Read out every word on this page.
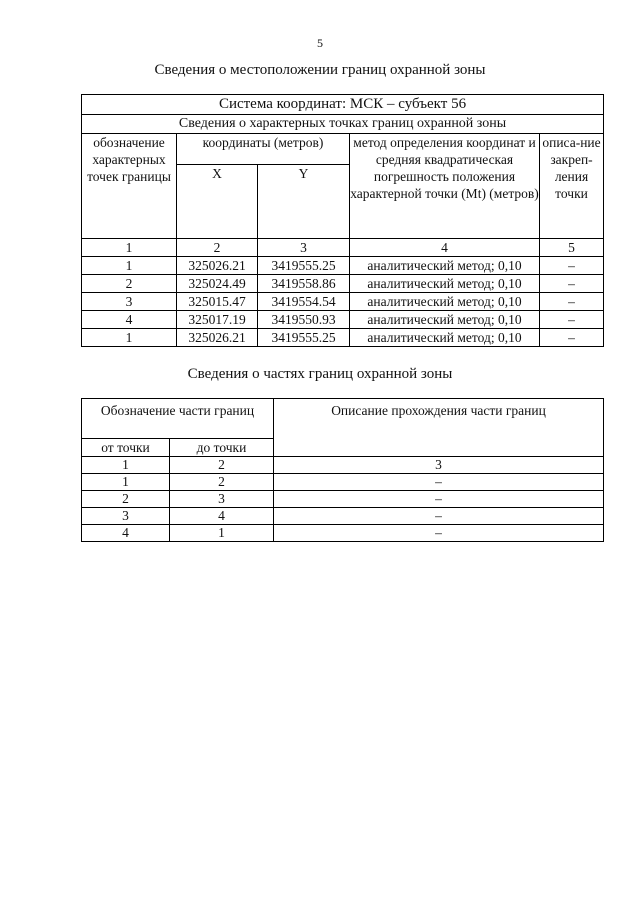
5
Сведения о местоположении границ охранной зоны
Система координат: МСК – субъект 56				
Сведения о характерных точках границ охранной зоны				
обозначение характерных точек границы	координаты (метров)		метод определения координат и средняя квадратическая погрешность положения характерной точки (Mt) (метров)	описа-ние закреп-ления точки
	X	Y		
1	2	3	4	5
1	325026.21	3419555.25	аналитический метод; 0,10	–
2	325024.49	3419558.86	аналитический метод; 0,10	–
3	325015.47	3419554.54	аналитический метод; 0,10	–
4	325017.19	3419550.93	аналитический метод; 0,10	–
1	325026.21	3419555.25	аналитический метод; 0,10	–
Сведения о частях границ охранной зоны
Обозначение части границ		Описание прохождения части границ
от точки	до точки	
1	2	3
1	2	–
2	3	–
3	4	–
4	1	–
